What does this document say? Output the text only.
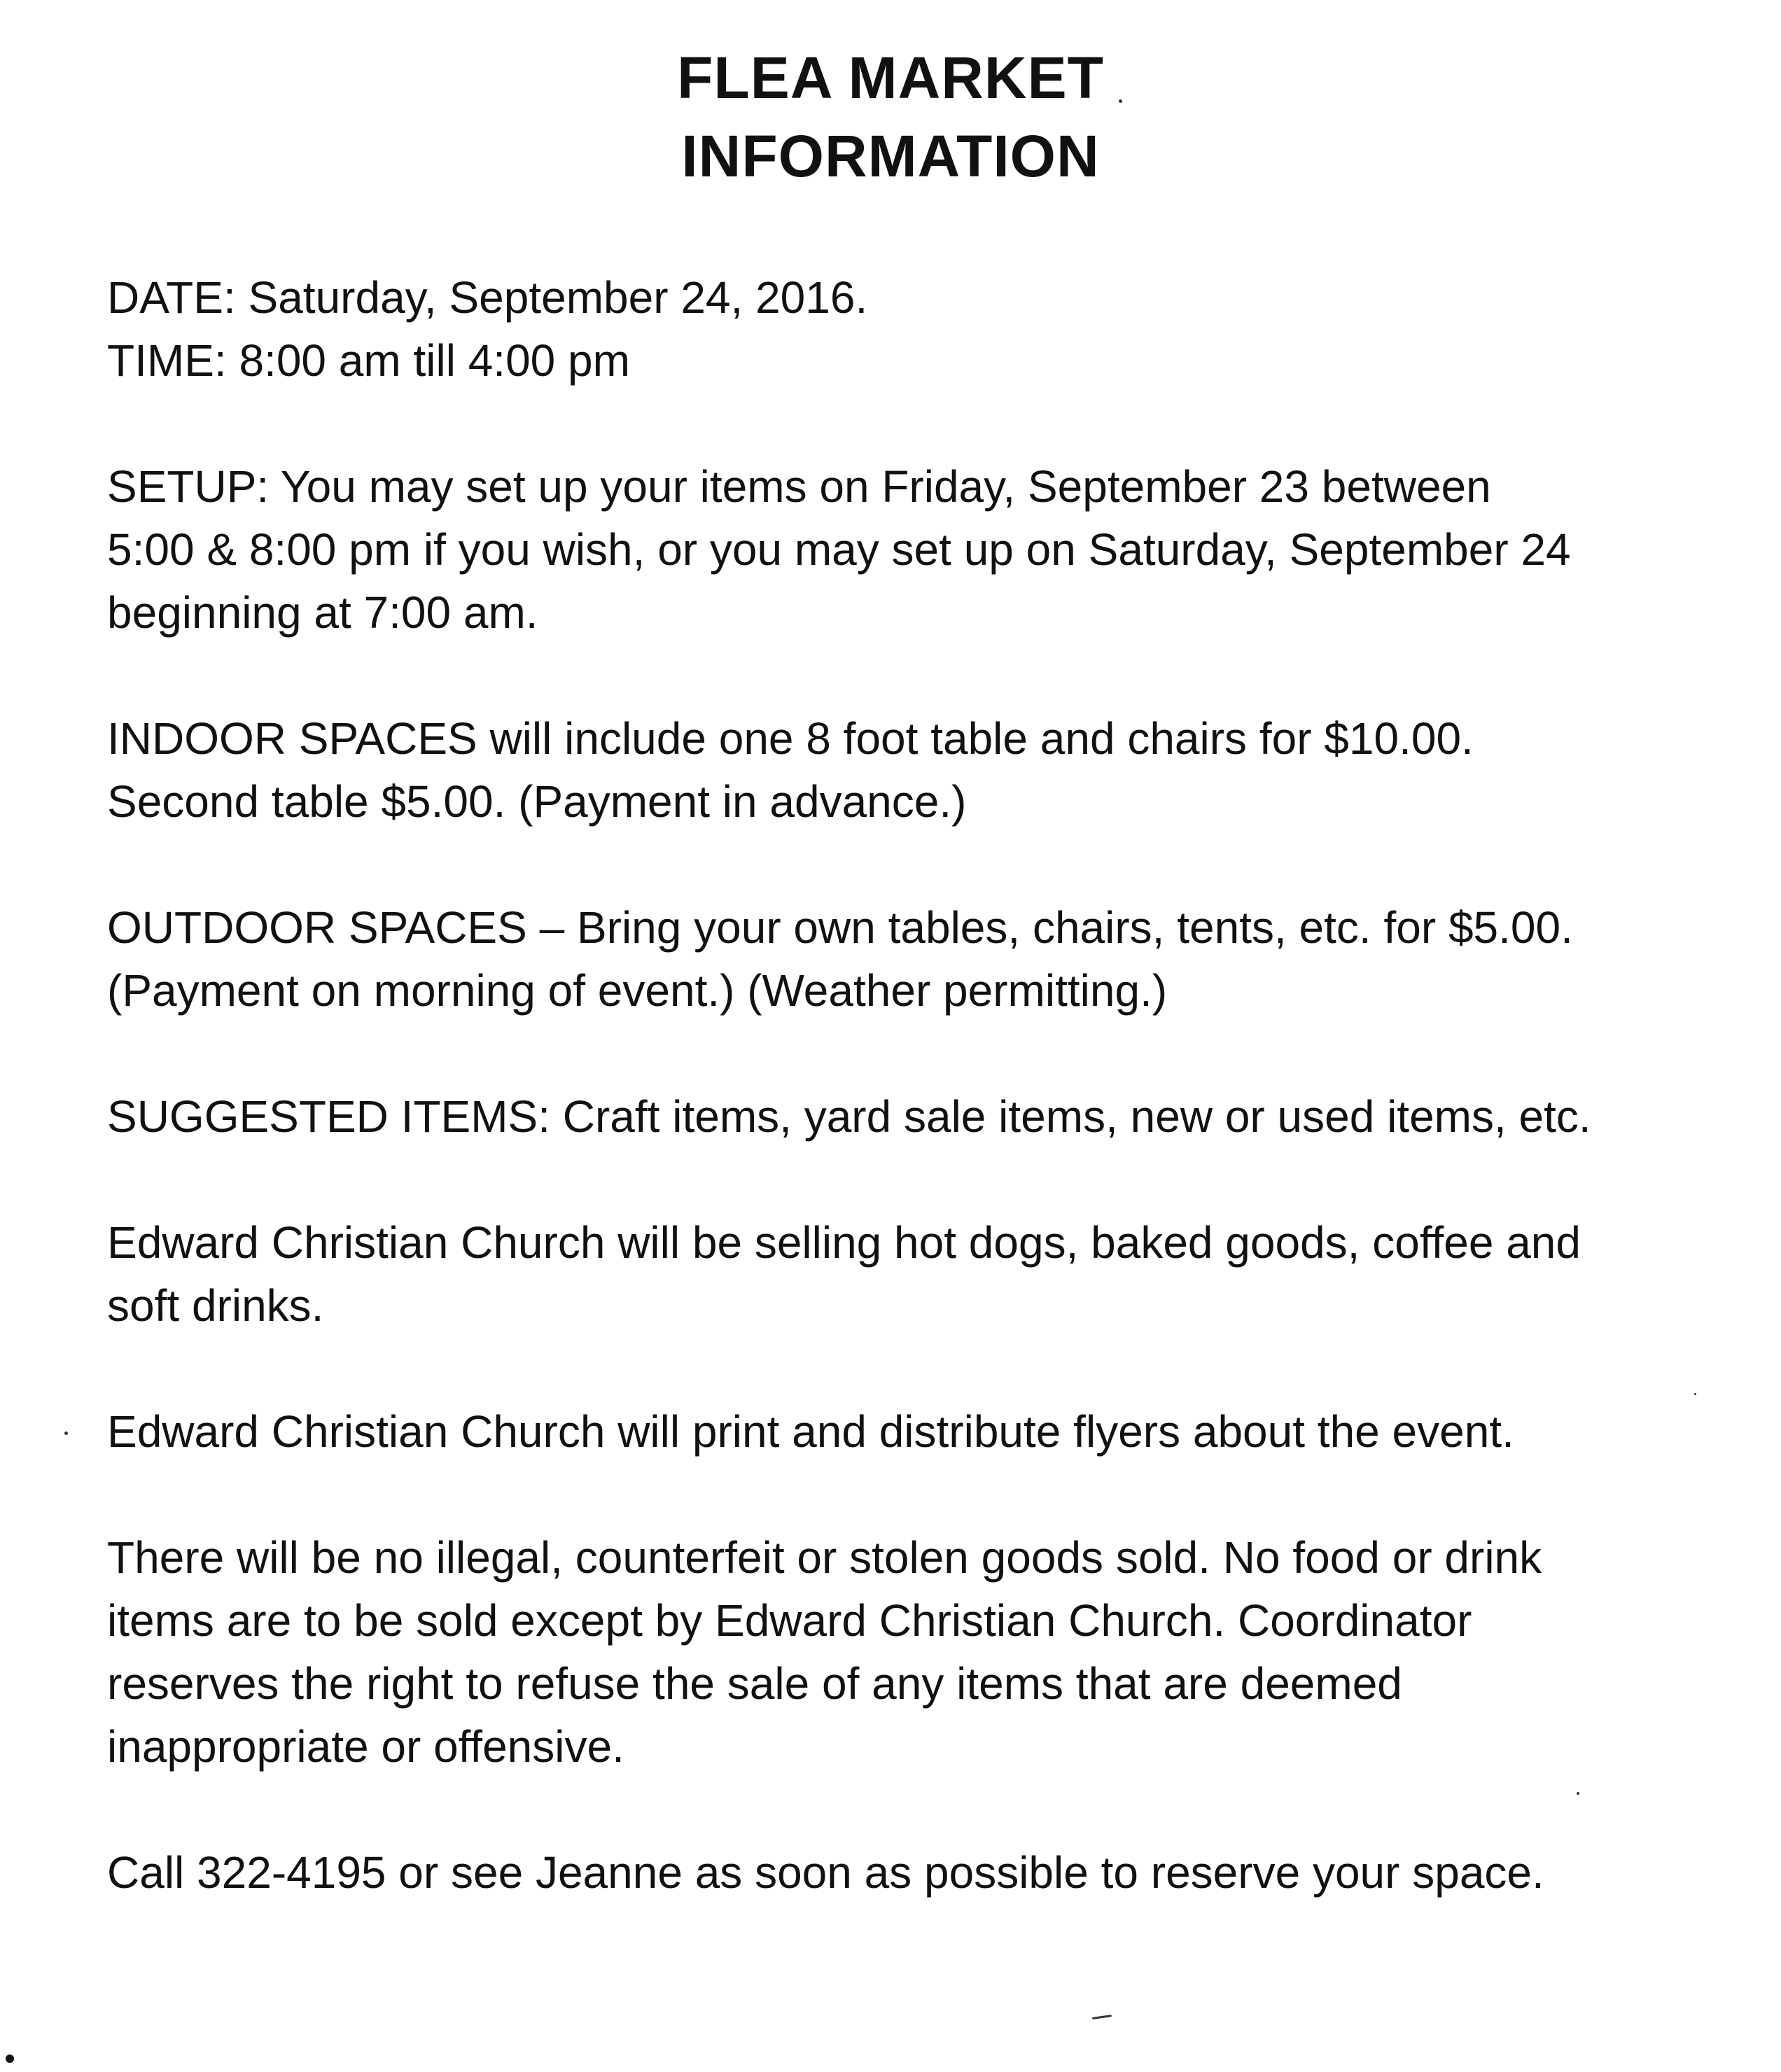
FLEA MARKET
INFORMATION
DATE: Saturday, September 24, 2016.
TIME: 8:00 am till 4:00 pm
SETUP: You may set up your items on Friday, September 23 between
5:00 & 8:00 pm if you wish, or you may set up on Saturday, September 24
beginning at 7:00 am.
INDOOR SPACES will include one 8 foot table and chairs for $10.00.
Second table $5.00. (Payment in advance.)
OUTDOOR SPACES – Bring your own tables, chairs, tents, etc. for $5.00.
(Payment on morning of event.) (Weather permitting.)
SUGGESTED ITEMS: Craft items, yard sale items, new or used items, etc.
Edward Christian Church will be selling hot dogs, baked goods, coffee and
soft drinks.
Edward Christian Church will print and distribute flyers about the event.
There will be no illegal, counterfeit or stolen goods sold. No food or drink
items are to be sold except by Edward Christian Church. Coordinator
reserves the right to refuse the sale of any items that are deemed
inappropriate or offensive.
Call 322-4195 or see Jeanne as soon as possible to reserve your space.
